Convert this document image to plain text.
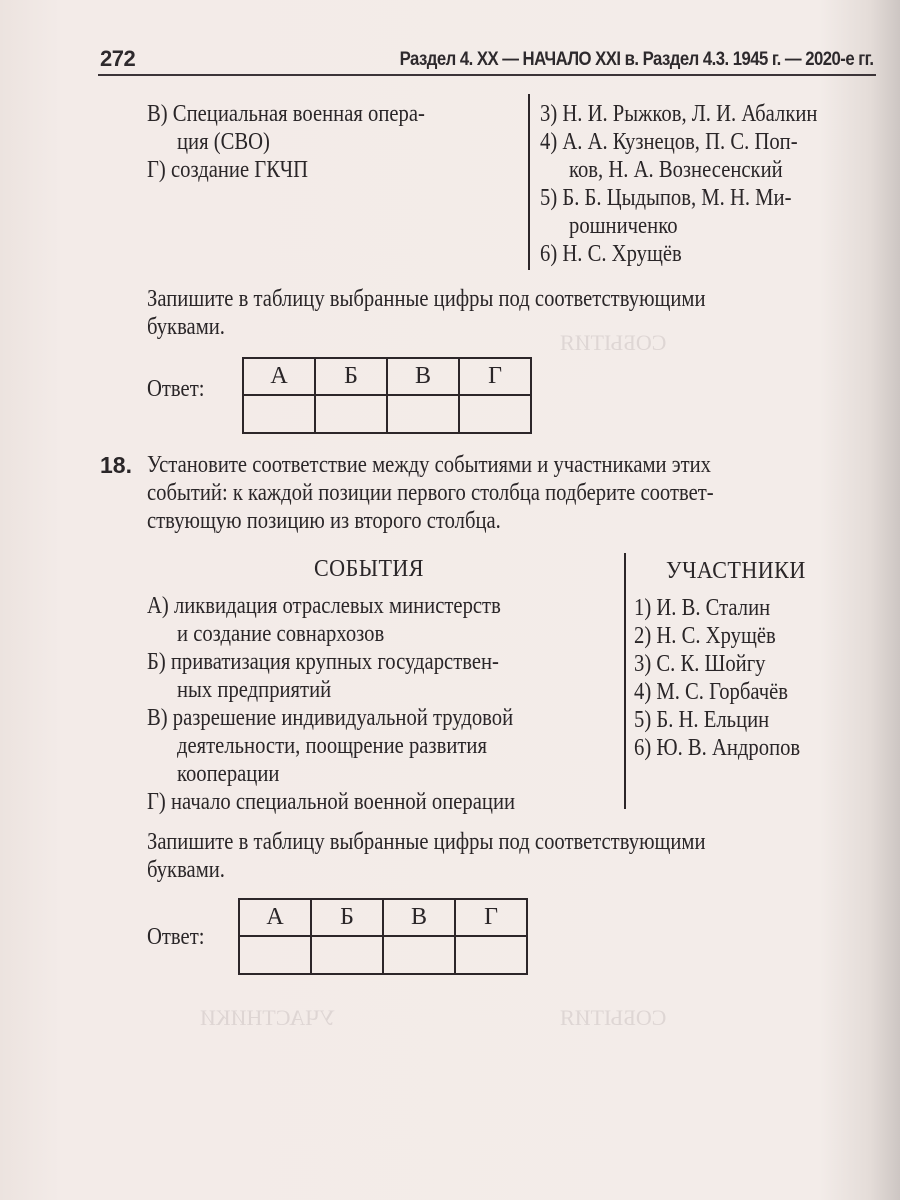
СОБЫТИЯ
УЧАСТНИКИ	СОБЫТИЯ
272	Раздел 4. XX — НАЧАЛО XXI в. Раздел 4.3. 1945 г. — 2020-е гг.
В) Специальная военная опера-
ция (СВО)
Г) создание ГКЧП
3) Н. И. Рыжков, Л. И. Абалкин
4) А. А. Кузнецов, П. С. Поп-
ков, Н. А. Вознесенский
5) Б. Б. Цыдыпов, М. Н. Ми-
рошниченко
6) Н. С. Хрущёв
Запишите в таблицу выбранные цифры под соответствующими
буквами.
Ответ:	А	Б	В	Г

18. Установите соответствие между событиями и участниками этих
событий: к каждой позиции первого столбца подберите соответ-
ствующую позицию из второго столбца.
СОБЫТИЯ	УЧАСТНИКИ
А) ликвидация отраслевых министерств
и создание совнархозов
Б) приватизация крупных государствен-
ных предприятий
В) разрешение индивидуальной трудовой
деятельности, поощрение развития
кооперации
Г) начало специальной военной операции
1) И. В. Сталин
2) Н. С. Хрущёв
3) С. К. Шойгу
4) М. С. Горбачёв
5) Б. Н. Ельцин
6) Ю. В. Андропов
Запишите в таблицу выбранные цифры под соответствующими
буквами.
Ответ:
А	Б	В	Г
